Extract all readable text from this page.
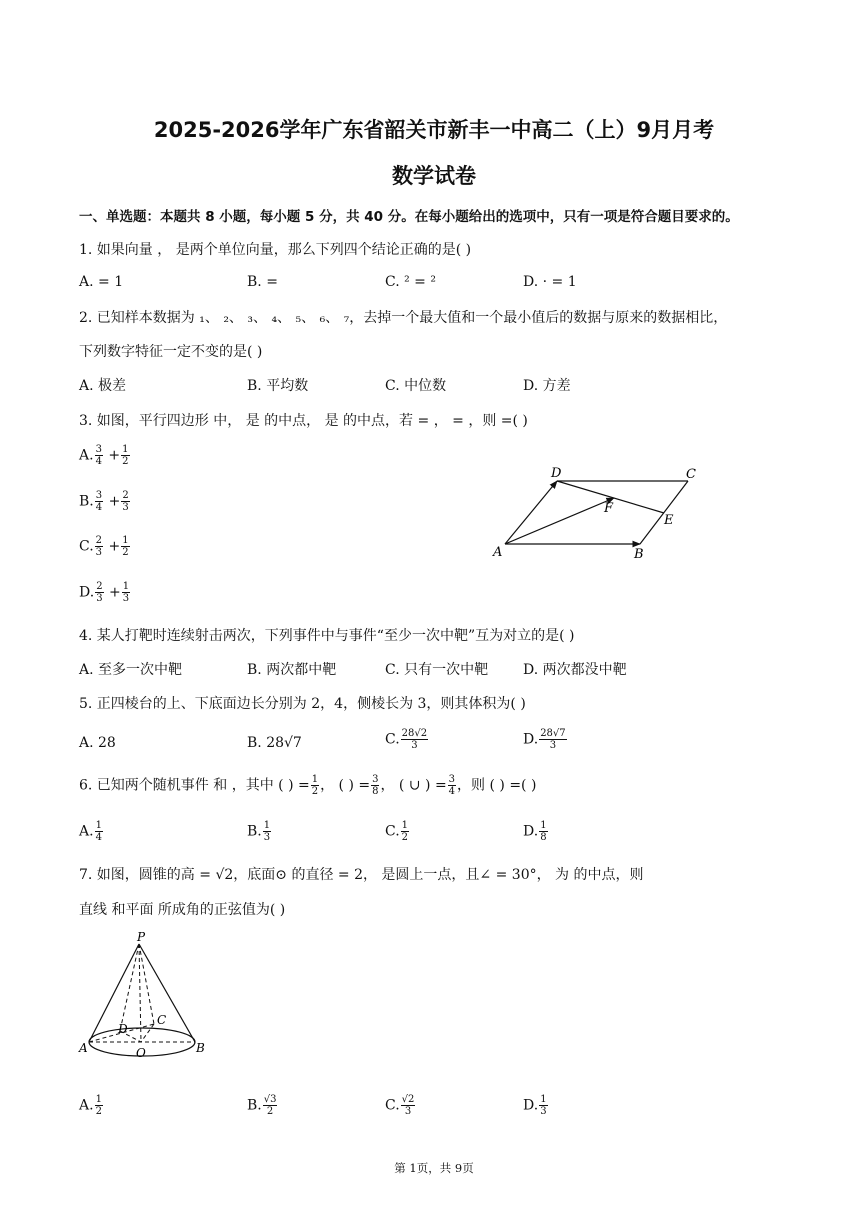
2025-2026学年广东省韶关市新丰一中高二（上）9月月考
数学试卷
一、单选题：本题共 8 小题，每小题 5 分，共 40 分。在每小题给出的选项中，只有一项是符合题目要求的。
1. 如果向量 ， 是两个单位向量，那么下列四个结论正确的是( )
A. = 1	B. =	C. ² = ²	D. · = 1
2. 已知样本数据为 ₁、 ₂、 ₃、 ₄、 ₅、 ₆、 ₇，去掉一个最大值和一个最小值后的数据与原来的数据相比，
下列数字特征一定不变的是( )
A. 极差	B. 平均数	C. 中位数	D. 方差
3. 如图，平行四边形 中， 是 的中点， 是 的中点，若 = ， = ，则 =( )
A. $\frac{3}{4} + \frac{1}{2}$
B. $\frac{3}{4} + \frac{2}{3}$
C. $\frac{2}{3} + \frac{1}{2}$
D. $\frac{2}{3} + \frac{1}{3}$
A	B
C
D
E
F
4. 某人打靶时连续射击两次，下列事件中与事件“至少一次中靶”互为对立的是( )
A. 至多一次中靶	B. 两次都中靶	C. 只有一次中靶 D. 两次都没中靶
5. 正四棱台的上、下底面边长分别为 2，4，侧棱长为 3，则其体积为( )
A. 28	B. 28√7	C. $\frac{28√2}{3}$	D. $\frac{28√7}{3}$
6. 已知两个随机事件 和 ，其中 ( ) = $\frac{1}{2}$ ， ( ) = $\frac{3}{8}$ ， ( ∪ ) = $\frac{3}{4}$ ，则 ( ) =( )
A. $\frac{1}{4}$	B. $\frac{1}{3}$	C. $\frac{1}{2}$	D. $\frac{1}{8}$
7. 如图，圆锥的高 = √2，底面⊙ 的直径 = 2， 是圆上一点，且∠ = 30°， 为 的中点，则
直线 和平面 所成角的正弦值为( )
P
A	B
C
D
O
A. $\frac{1}{2}$	B. $\frac{√3}{2}$	C. $\frac{√2}{3}$	D. $\frac{1}{3}$
第 1页，共 9页
